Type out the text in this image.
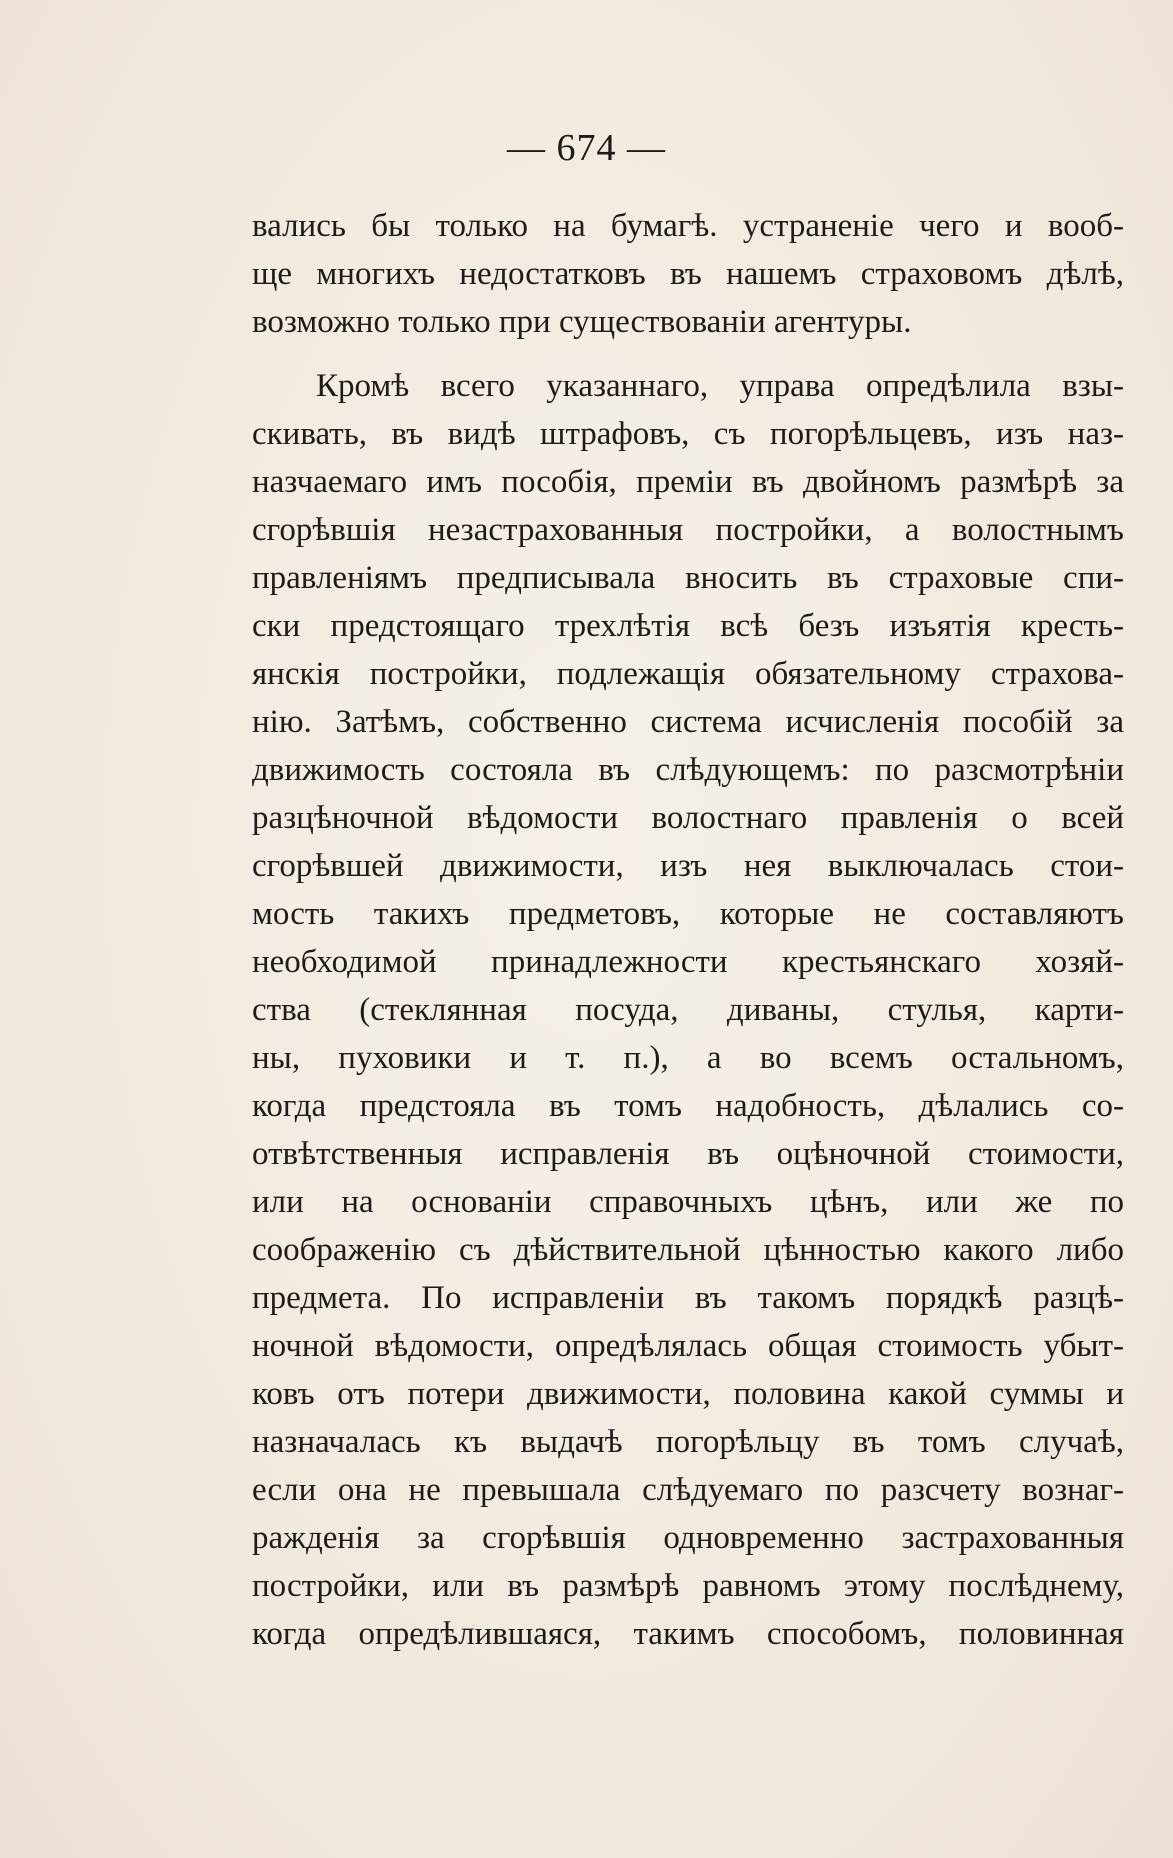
— 674 —
вались бы только на бумагѣ. устраненіе чего и вооб-
ще многихъ недостатковъ въ нашемъ страховомъ дѣлѣ,
возможно только при существованіи агентуры.
Кромѣ всего указаннаго, управа опредѣлила взы-
скивать, въ видѣ штрафовъ, съ погорѣльцевъ, изъ наз-
назчаемаго имъ пособія, преміи въ двойномъ размѣрѣ за
сгорѣвшія незастрахованныя постройки, а волостнымъ
правленіямъ предписывала вносить въ страховые спи-
ски предстоящаго трехлѣтія всѣ безъ изъятія кресть-
янскія постройки, подлежащія обязательному страхова-
нію. Затѣмъ, собственно система исчисленія пособій за
движимость состояла въ слѣдующемъ: по разсмотрѣніи
разцѣночной вѣдомости волостнаго правленія о всей
сгорѣвшей движимости, изъ нея выключалась стои-
мость такихъ предметовъ, которые не составляютъ
необходимой принадлежности крестьянскаго хозяй-
ства (стеклянная посуда, диваны, стулья, карти-
ны, пуховики и т. п.), а во всемъ остальномъ,
когда предстояла въ томъ надобность, дѣлались со-
отвѣтственныя исправленія въ оцѣночной стоимости,
или на основаніи справочныхъ цѣнъ, или же по
соображенію съ дѣйствительной цѣнностью какого либо
предмета. По исправленіи въ такомъ порядкѣ разцѣ-
ночной вѣдомости, опредѣлялась общая стоимость убыт-
ковъ отъ потери движимости, половина какой суммы и
назначалась къ выдачѣ погорѣльцу въ томъ случаѣ,
если она не превышала слѣдуемаго по разсчету вознаг-
ражденія за сгорѣвшія одновременно застрахованныя
постройки, или въ размѣрѣ равномъ этому послѣднему,
когда опредѣлившаяся, такимъ способомъ, половинная
